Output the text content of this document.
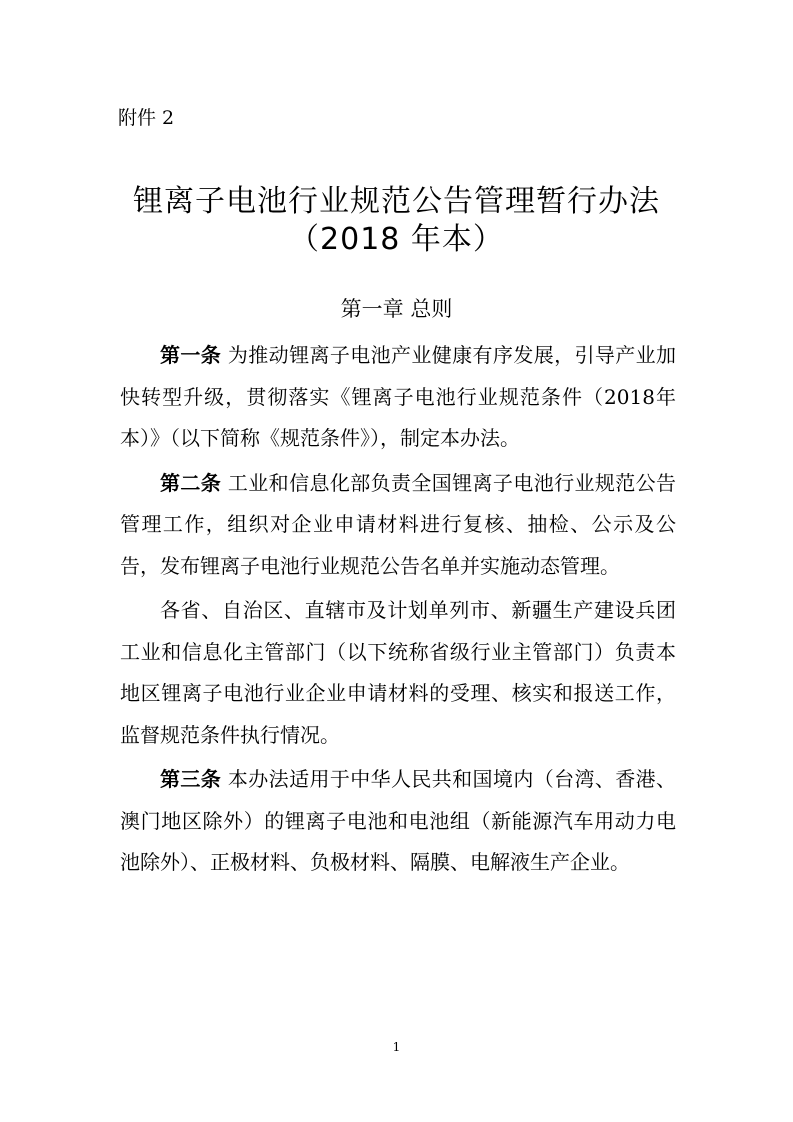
附件 2
锂离子电池行业规范公告管理暂行办法
（2018 年本）
第一章 总则

第一条 为推动锂离子电池产业健康有序发展，引导产业加快转型升级，贯彻落实《锂离子电池行业规范条件（2018年本）》（以下简称《规范条件》），制定本办法。

第二条 工业和信息化部负责全国锂离子电池行业规范公告管理工作，组织对企业申请材料进行复核、抽检、公示及公告，发布锂离子电池行业规范公告名单并实施动态管理。

各省、自治区、直辖市及计划单列市、新疆生产建设兵团工业和信息化主管部门（以下统称省级行业主管部门）负责本地区锂离子电池行业企业申请材料的受理、核实和报送工作，监督规范条件执行情况。

第三条 本办法适用于中华人民共和国境内（台湾、香港、澳门地区除外）的锂离子电池和电池组（新能源汽车用动力电池除外）、正极材料、负极材料、隔膜、电解液生产企业。

1
